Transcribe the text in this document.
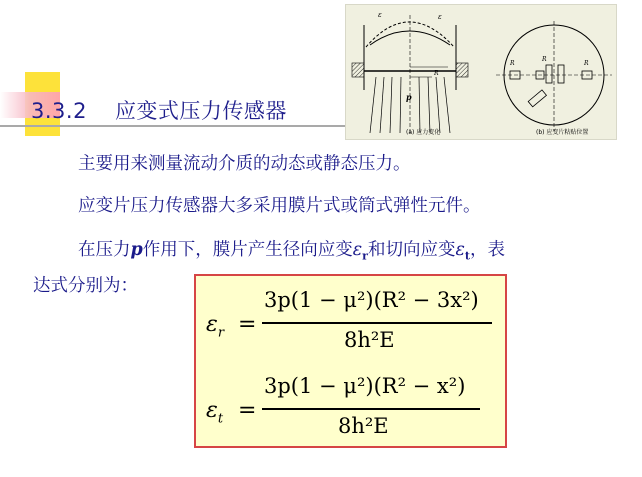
3.3.2 应变式压力传感器
ε	ε
R
p
R
R
R
(a) 应力变化	(b) 应变片粘贴位置
主要用来测量流动介质的动态或静态压力。
应变片压力传感器大多采用膜片式或筒式弹性元件。
在压力p作用下，膜片产生径向应变$\varepsilon_r$和切向应变$\varepsilon_t$，表
达式分别为：
$\varepsilon_r$ =
3p(1 − μ²)(R² − 3x²)
8h²E
$\varepsilon_t$ =
3p(1 − μ²)(R² − x²)
8h²E
